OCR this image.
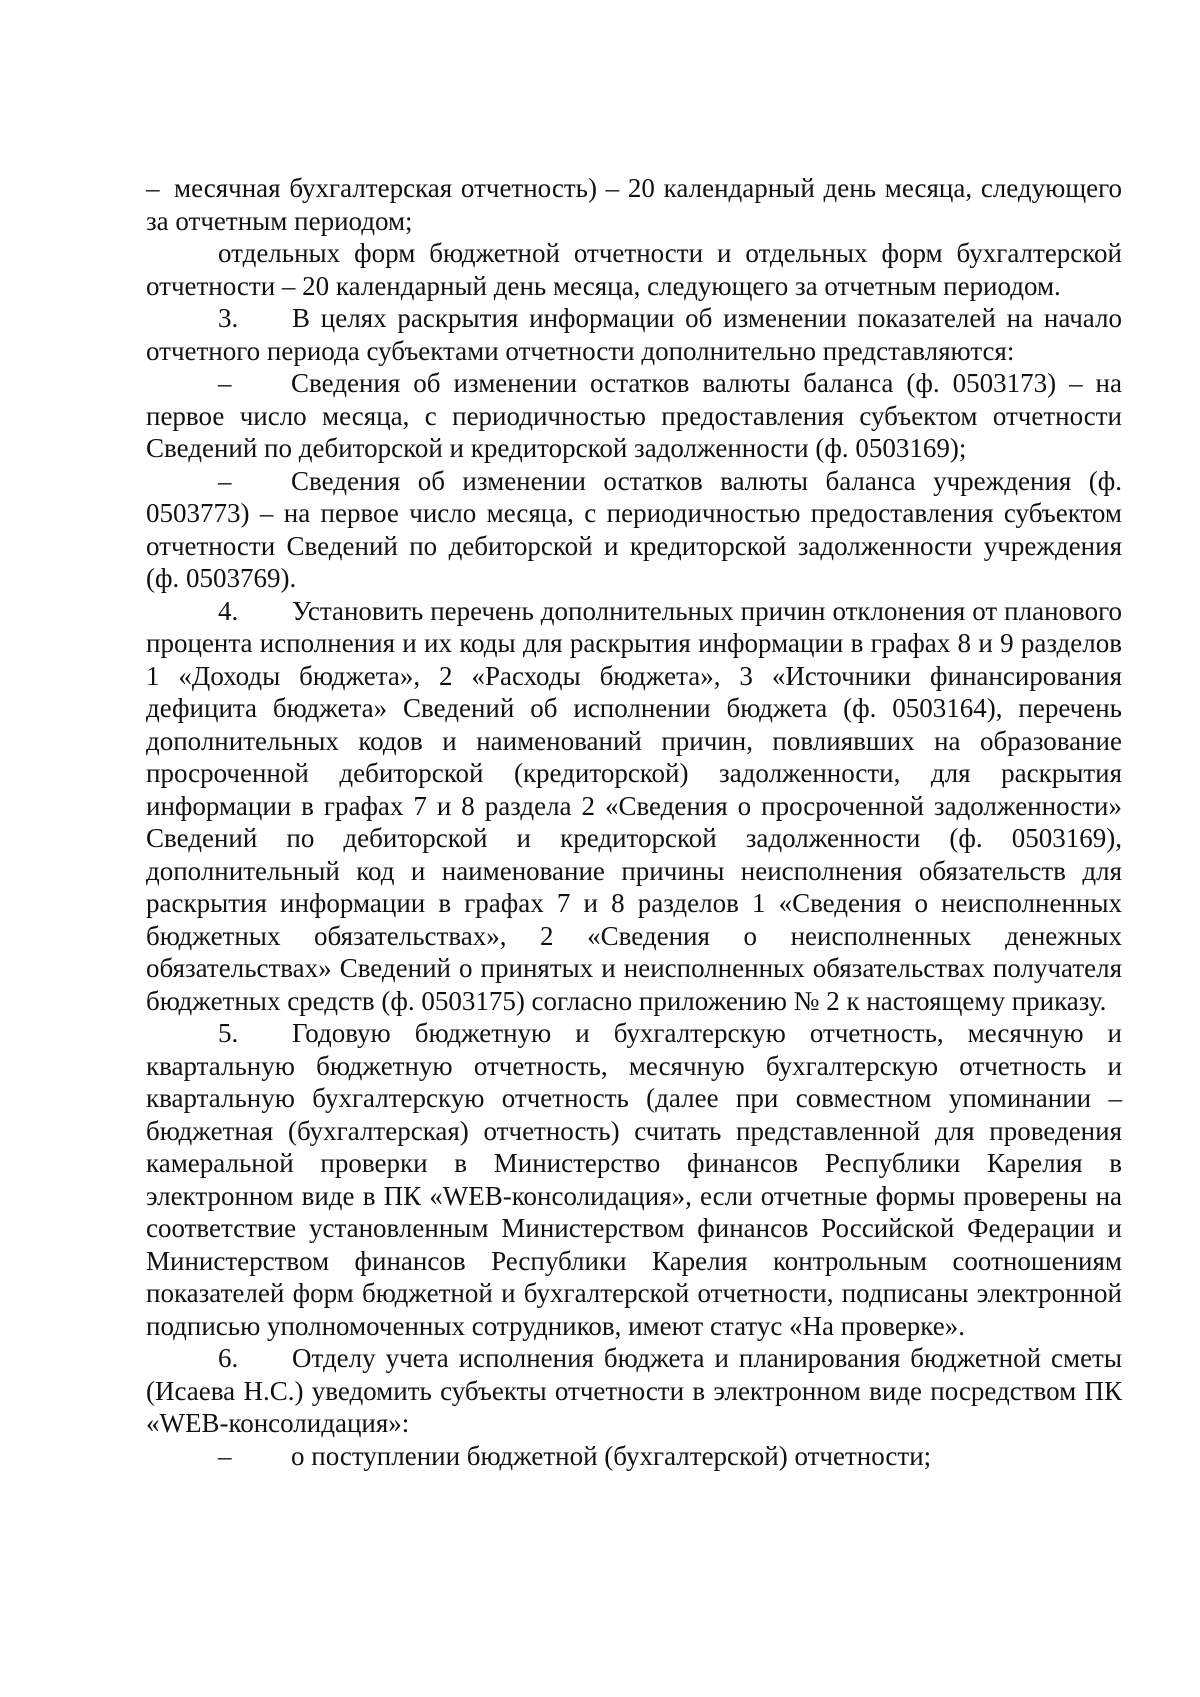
– месячная бухгалтерская отчетность) – 20 календарный день месяца, следующего за отчетным периодом;

отдельных форм бюджетной отчетности и отдельных форм бухгалтерской отчетности – 20 календарный день месяца, следующего за отчетным периодом.

3. В целях раскрытия информации об изменении показателей на начало отчетного периода субъектами отчетности дополнительно представляются:

– Сведения об изменении остатков валюты баланса (ф. 0503173) – на первое число месяца, с периодичностью предоставления субъектом отчетности Сведений по дебиторской и кредиторской задолженности (ф. 0503169);

– Сведения об изменении остатков валюты баланса учреждения (ф. 0503773) – на первое число месяца, с периодичностью предоставления субъектом отчетности Сведений по дебиторской и кредиторской задолженности учреждения (ф. 0503769).

4. Установить перечень дополнительных причин отклонения от планового процента исполнения и их коды для раскрытия информации в графах 8 и 9 разделов 1 «Доходы бюджета», 2 «Расходы бюджета», 3 «Источники финансирования дефицита бюджета» Сведений об исполнении бюджета (ф. 0503164), перечень дополнительных кодов и наименований причин, повлиявших на образование просроченной дебиторской (кредиторской) задолженности, для раскрытия информации в графах 7 и 8 раздела 2 «Сведения о просроченной задолженности» Сведений по дебиторской и кредиторской задолженности (ф. 0503169), дополнительный код и наименование причины неисполнения обязательств для раскрытия информации в графах 7 и 8 разделов 1 «Сведения о неисполненных бюджетных обязательствах», 2 «Сведения о неисполненных денежных обязательствах» Сведений о принятых и неисполненных обязательствах получателя бюджетных средств (ф. 0503175) согласно приложению № 2 к настоящему приказу.

5. Годовую бюджетную и бухгалтерскую отчетность, месячную и квартальную бюджетную отчетность, месячную бухгалтерскую отчетность и квартальную бухгалтерскую отчетность (далее при совместном упоминании – бюджетная (бухгалтерская) отчетность) считать представленной для проведения камеральной проверки в Министерство финансов Республики Карелия в электронном виде в ПК «WEB-консолидация», если отчетные формы проверены на соответствие установленным Министерством финансов Российской Федерации и Министерством финансов Республики Карелия контрольным соотношениям показателей форм бюджетной и бухгалтерской отчетности, подписаны электронной подписью уполномоченных сотрудников, имеют статус «На проверке».

6. Отделу учета исполнения бюджета и планирования бюджетной сметы (Исаева Н.С.) уведомить субъекты отчетности в электронном виде посредством ПК «WEB-консолидация»:

– о поступлении бюджетной (бухгалтерской) отчетности;
